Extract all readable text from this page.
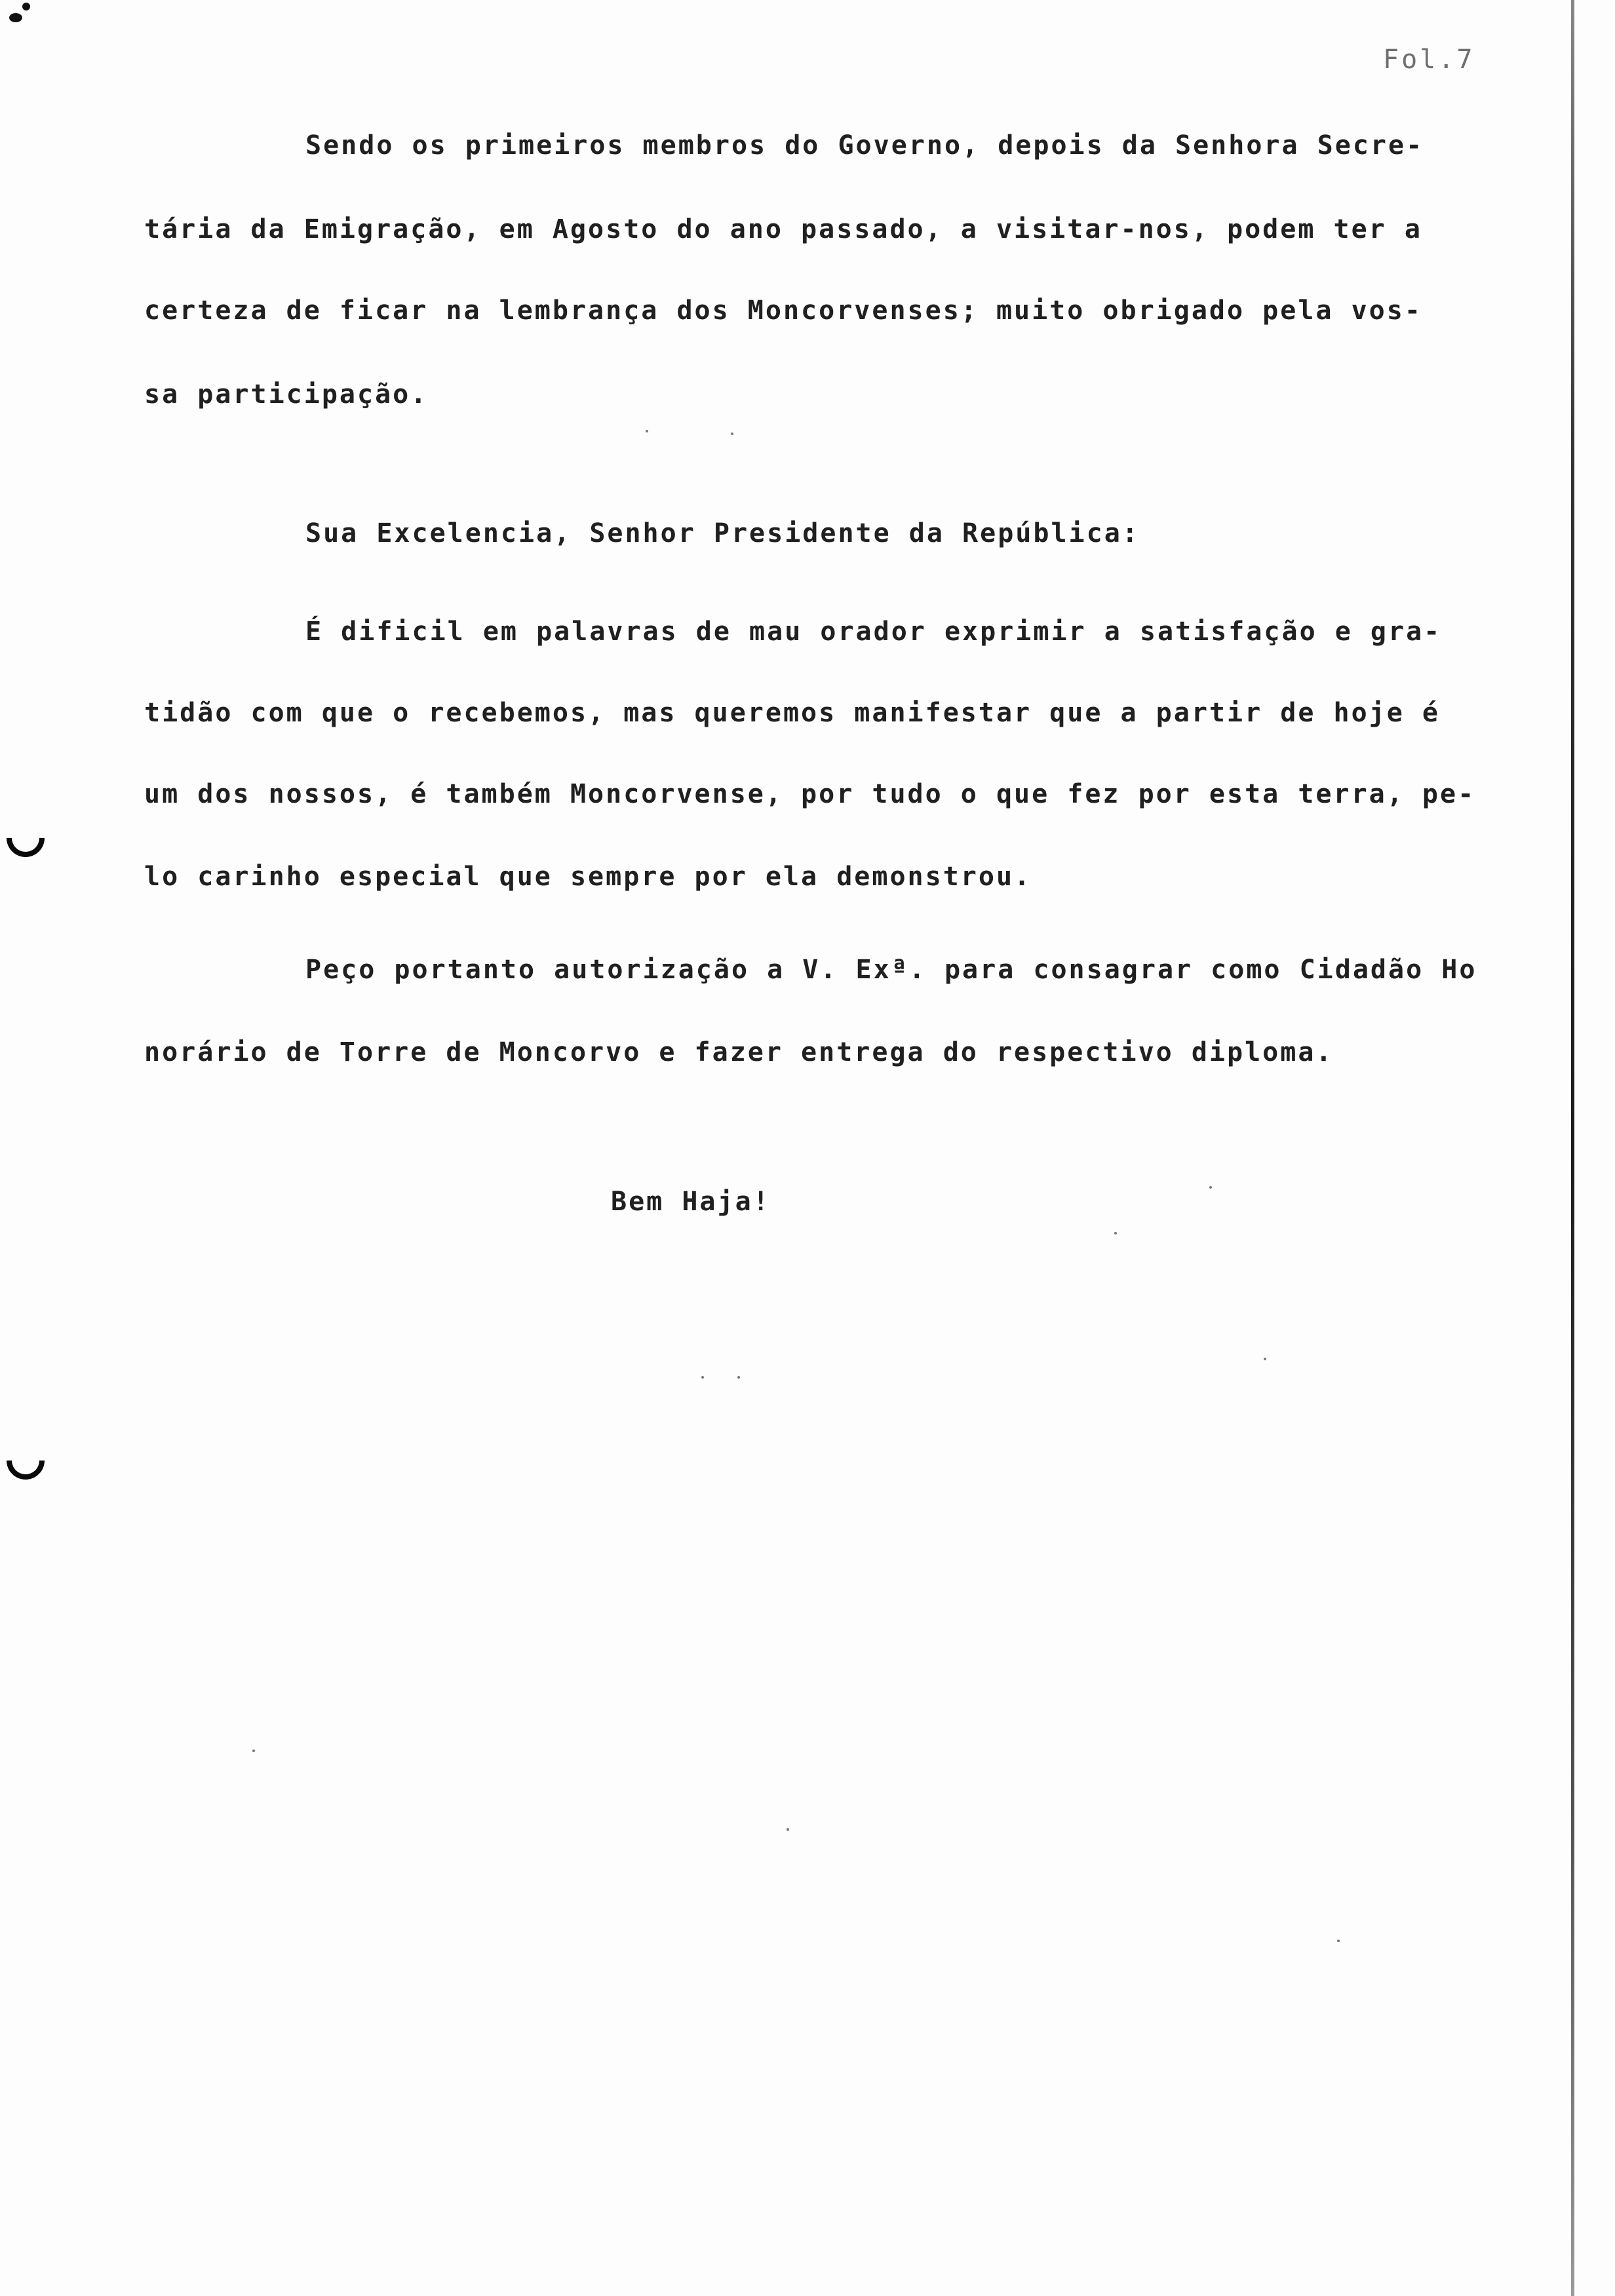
Fol.7
Sendo os primeiros membros do Governo, depois da Senhora Secre-
tária da Emigração, em Agosto do ano passado, a visitar-nos, podem ter a
certeza de ficar na lembrança dos Moncorvenses; muito obrigado pela vos-
sa participação.
Sua Excelencia, Senhor Presidente da República:
É dificil em palavras de mau orador exprimir a satisfação e gra-
tidão com que o recebemos, mas queremos manifestar que a partir de hoje é
um dos nossos, é também Moncorvense, por tudo o que fez por esta terra, pe-
lo carinho especial que sempre por ela demonstrou.
Peço portanto autorização a V. Exª. para consagrar como Cidadão Ho
norário de Torre de Moncorvo e fazer entrega do respectivo diploma.
Bem Haja!
